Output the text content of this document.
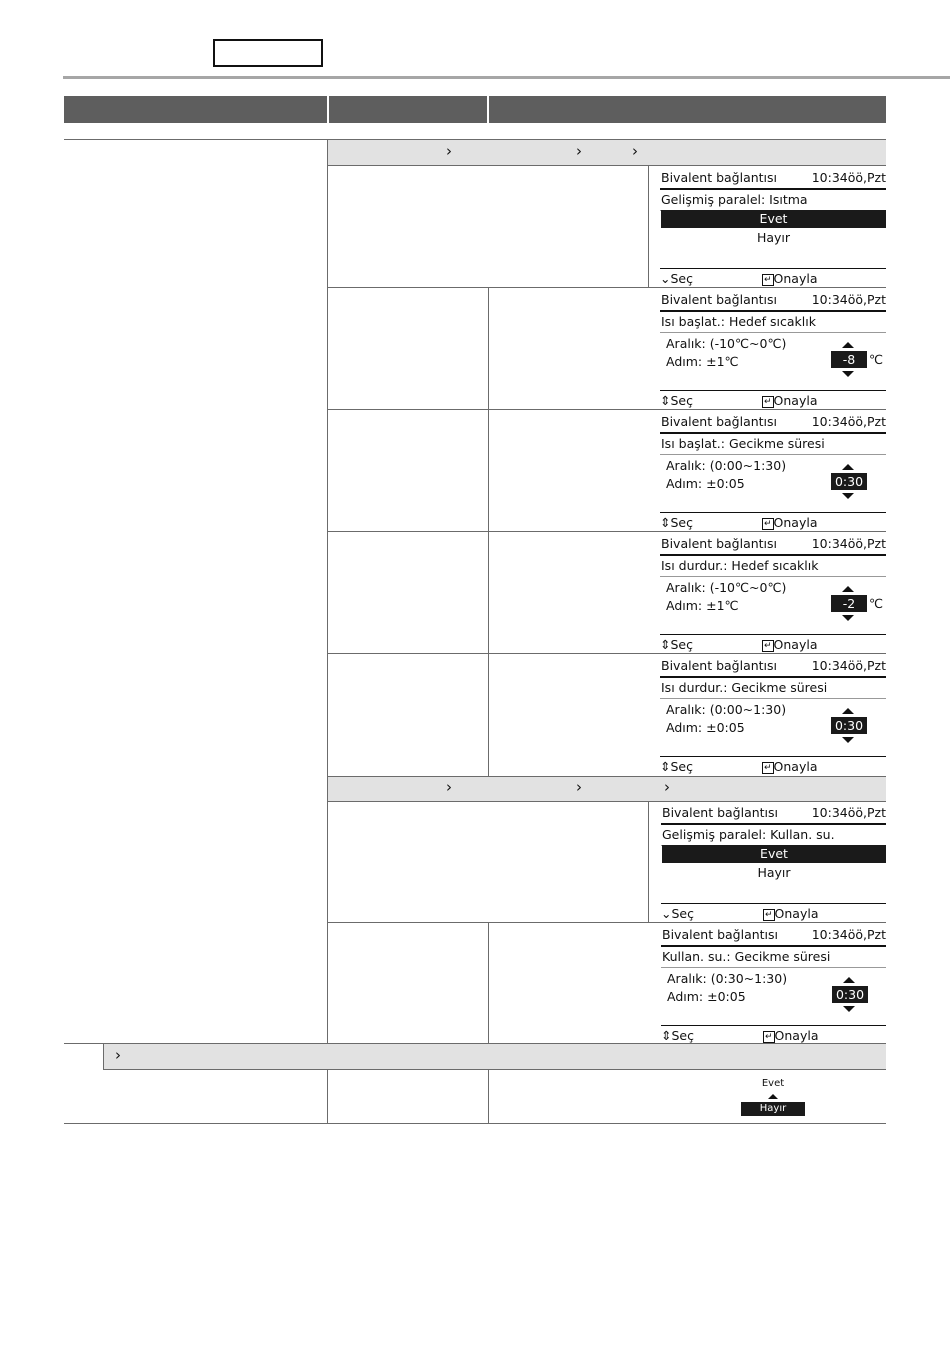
›	›	›
›	›	›
›
Bivalent bağlantısı	10:34öö,Pzt
Gelişmiş paralel: Isıtma
Evet
Hayır
⌄Seç	↵ Onayla
Bivalent bağlantısı	10:34öö,Pzt
Isı başlat.: Hedef sıcaklık
Aralık: (-10℃~0℃)
Adım: ±1℃	-8	℃
⇕Seç	↵ Onayla
Bivalent bağlantısı	10:34öö,Pzt
Isı başlat.: Gecikme süresi
Aralık: (0:00~1:30)
Adım: ±0:05	0:30
⇕Seç	↵ Onayla
Bivalent bağlantısı	10:34öö,Pzt
Isı durdur.: Hedef sıcaklık
Aralık: (-10℃~0℃)
Adım: ±1℃	-2	℃
⇕Seç	↵ Onayla
Bivalent bağlantısı	10:34öö,Pzt
Isı durdur.: Gecikme süresi
Aralık: (0:00~1:30)
Adım: ±0:05	0:30
⇕Seç	↵ Onayla
Bivalent bağlantısı	10:34öö,Pzt
Gelişmiş paralel: Kullan. su.
Evet
Hayır
⌄Seç	↵ Onayla
Bivalent bağlantısı	10:34öö,Pzt
Kullan. su.: Gecikme süresi
Aralık: (0:30~1:30)
Adım: ±0:05	0:30
⇕Seç	↵ Onayla
Evet
Hayır
